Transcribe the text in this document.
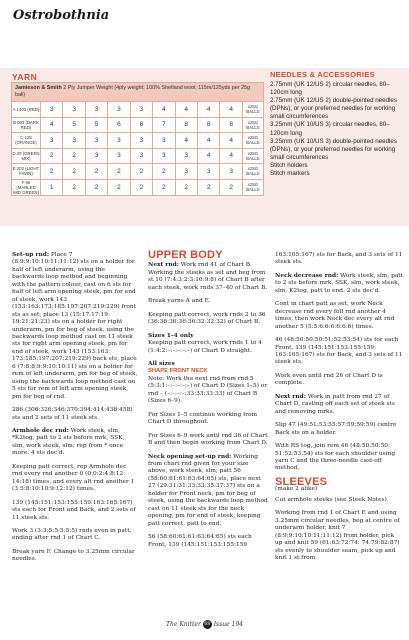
Ostrobothnia
YARN
Jamieson & Smith 2 Ply Jumper Weight (4ply weight; 100% Shetland wool; 115m/125yds per 25g ball)										
A 1403 (RED)	3	3	3	3	3	4	4	4	4	x25G BALLS
B 093 (DARK RED)	4	5	5	6	6	7	8	8	8	x25G BALLS
C 125 (ORANGE)	3	3	3	3	3	3	4	4	4	x25G BALLS
D 29 (GREEN MIX)	2	2	3	3	3	3	3	4	4	x25G BALLS
E 202 (LIGHT FAWN)	2	2	2	2	2	2	3	3	3	x25G BALLS
F 65 (MARLED MID GREEN)	1	2	2	2	2	2	2	2	2	x25G BALLS
NEEDLES & ACCESSORIES

2.75mm (UK 12/US 2) circular needles, 80–120cm long

2.75mm (UK 12/US 2) double-pointed needles (DPNs), or your preferred needles for working small circumferences

3.25mm (UK 10/US 3) circular needles, 80–120cm long

3.25mm (UK 10/US 3) double-pointed needles (DPNs), or your preferred needles for working small circumferences

Stitch holders

Stitch markers

Set-up rnd: Place 7 (8:9:9:10:10:11:11:12) sts on a holder for half of left underarm, using the backwards loop method and beginning with the pattern colour, cast on 6 sts for half of left arm opening steek, pm for end of steek, work 143 (153:163:173:185:197:207:219:229) front sts as set, place 13 (15:17:17:19: 19:21:21:23) sts on a holder for right underarm, pm for beg of steek, using the backwards loop method cast on 11 steek sts for right arm opening steek, pm for end of steek, work 143 (153:163: 173:185:197:207:219:229) back sts, place 6 (7:8:8:9:9:10:10:11) sts on a holder for rem of left underarm, pm for beg of steek, using the backwards loop method cast on 5 sts for rem of left arm opening steek, pm for beg of rnd.

286 (306:326:346:370:394:414:438:458) sts and 2 sets of 11 steek sts.

Armhole dec rnd: Work steek, slm, *K2tog, patt to 2 sts before mrk, SSK, slm, work steek, slm; rep from * once more. 4 sts dec'd.

Keeping patt correct, rep Armhole dec rnd every rnd another 0 (0:0:2:4:8:12: 14:18) times, and every alt rnd another 1 (3:5:8:10:10:9:12:12) times.

139 (145:151:153:155:159:163:165:167) sts each for Front and Back, and 2 sets of 11 steek sts.

Work 3 (3:3:5:5:5:5:5) rnds even in patt, ending after rnd 1 of Chart C.

Break yarn F. Change to 3.25mm circular needles.

UPPER BODY

Next rnd: Work rnd 41 of Chart B. Working the steeks as set and beg from st 10 (7:4:3:2:3:10:9:8) of Chart B after each steek, work rnds 37–40 of Chart B.

Break yarns A and E.

Keeping patt correct, work rnds 2 to 36 (36:36:36:36:36:32:32:32) of Chart B.

Sizes 1–4 only

Keeping patt correct, work rnds 1 to 4 (1:4:2:–:–:–:–:–) of Chart D straight.

All sizes

SHAPE FRONT NECK

Note: Work the next rnd from rnd 5 (5:3:1:–:–:–:–:–) of Chart D (Sizes 1–5) or rnd – (–:–:–:–:33:33:33:33) of Chart B (Sizes 6–9).

For Sizes 1–5 continue working from Chart D throughout.

For Sizes 6–9 work until rnd 36 of Chart B and then begin working from Chart D.

Neck opening set-up rnd: Working from chart rnd given for your size above, work steek, slm, patt 56 (58:60:61:61:63:64:65) sts, place next 27 (29:31:31:33:33:35:37:37) sts on a holder for Front neck, pm for beg of steek, using the backwards loop method cast on 11 steek sts for the neck opening, pm for end of steek, keeping patt correct, patt to end.

56 (58:60:61:61:63:64:65) sts each Front, 139 (145:151:153:155:159

163:165:167) sts for Back, and 3 sets of 11 steek sts.

Neck decrease rnd: Work steek, slm, patt to 2 sts before mrk, SSK, slm, work steek, slm, K2tog, patt to end. 2 sts dec'd.

Cont in chart patt as set, work Neck decrease rnd every foll rnd another 4 times, then work Neck dec every alt rnd another 5 (5:5:6:6:6:6:6:6) times.

46 (48:50:50:50:51:52:53:54) sts for each Front, 139 (145:151:153:155:159: 163:165:167) sts for Back, and 3 sets of 11 steek sts.

Work even until rnd 26 of Chart D is complete.

Next rnd: Work in patt from rnd 27 of Chart D, casting off each set of steek sts and removing mrks.

Slip 47 (49:51:53:55:57:59:59:59) centre Back sts on a holder.

With RS tog, join rem 46 (48:50:50:50: 51:52:53:54) sts for each shoulder using yarn C and the three-needle cast-off method.

SLEEVES

(make 2 alike)

Cut armhole steeks (see Steek Notes).

Working from rnd 1 of Chart E and using 3.25mm circular needles, beg at centre of underarm holder, knit 7 (8:9:9:10:10:11:11:12) from holder, pick up and knit 59 (61:63:72:74: 74:79:82:87) sts evenly to shoulder seam, pick up and knit 1 st from

The Knitter 68 Issue 194
